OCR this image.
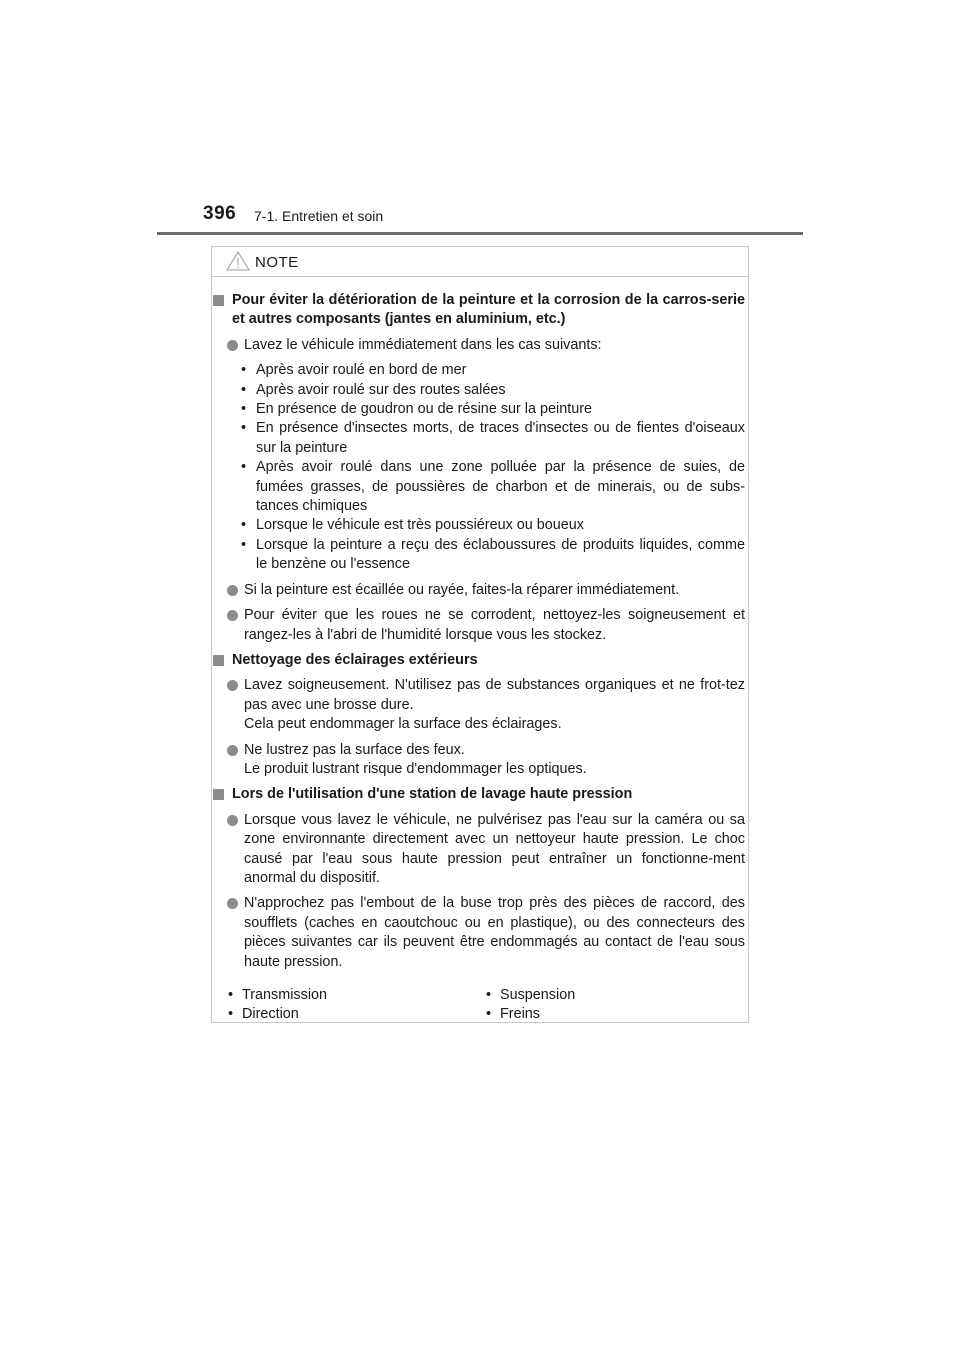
396 7-1. Entretien et soin
NOTE
Pour éviter la détérioration de la peinture et la corrosion de la carros-serie et autres composants (jantes en aluminium, etc.)
Lavez le véhicule immédiatement dans les cas suivants:
• Après avoir roulé en bord de mer
• Après avoir roulé sur des routes salées
• En présence de goudron ou de résine sur la peinture
• En présence d'insectes morts, de traces d'insectes ou de fientes d'oiseaux sur la peinture
• Après avoir roulé dans une zone polluée par la présence de suies, de fumées grasses, de poussières de charbon et de minerais, ou de subs-tances chimiques
• Lorsque le véhicule est très poussiéreux ou boueux
• Lorsque la peinture a reçu des éclaboussures de produits liquides, comme le benzène ou l'essence
Si la peinture est écaillée ou rayée, faites-la réparer immédiatement.
Pour éviter que les roues ne se corrodent, nettoyez-les soigneusement et rangez-les à l'abri de l'humidité lorsque vous les stockez.
Nettoyage des éclairages extérieurs
Lavez soigneusement. N'utilisez pas de substances organiques et ne frot-tez pas avec une brosse dure.
Cela peut endommager la surface des éclairages.
Ne lustrez pas la surface des feux.
Le produit lustrant risque d'endommager les optiques.
Lors de l'utilisation d'une station de lavage haute pression
Lorsque vous lavez le véhicule, ne pulvérisez pas l'eau sur la caméra ou sa zone environnante directement avec un nettoyeur haute pression. Le choc causé par l'eau sous haute pression peut entraîner un fonctionne-ment anormal du dispositif.
N'approchez pas l'embout de la buse trop près des pièces de raccord, des soufflets (caches en caoutchouc ou en plastique), ou des connecteurs des pièces suivantes car ils peuvent être endommagés au contact de l'eau sous haute pression.
• Transmission
• Direction
• Suspension
• Freins
